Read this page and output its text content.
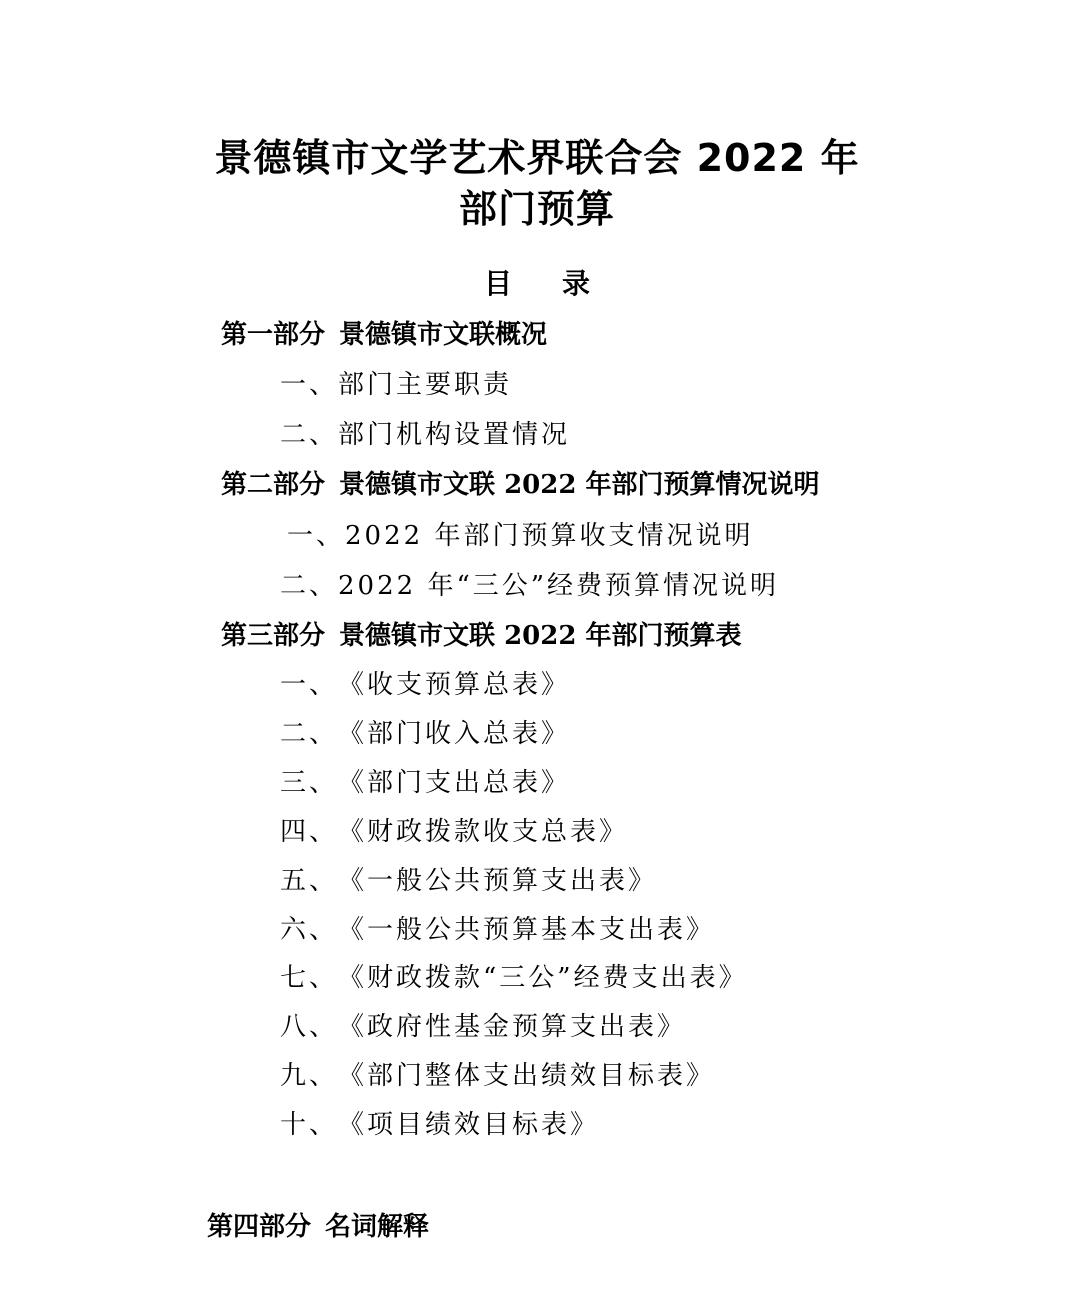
景德镇市文学艺术界联合会 2022 年
部门预算
目录
第一部分 景德镇市文联概况
一、部门主要职责
二、部门机构设置情况
第二部分 景德镇市文联 2022 年部门预算情况说明
一、2022 年部门预算收支情况说明
二、2022 年“三公”经费预算情况说明
第三部分 景德镇市文联 2022 年部门预算表
一、《收支预算总表》
二、《部门收入总表》
三、《部门支出总表》
四、《财政拨款收支总表》
五、《一般公共预算支出表》
六、《一般公共预算基本支出表》
七、《财政拨款“三公”经费支出表》
八、《政府性基金预算支出表》
九、《部门整体支出绩效目标表》
十、《项目绩效目标表》
第四部分 名词解释
